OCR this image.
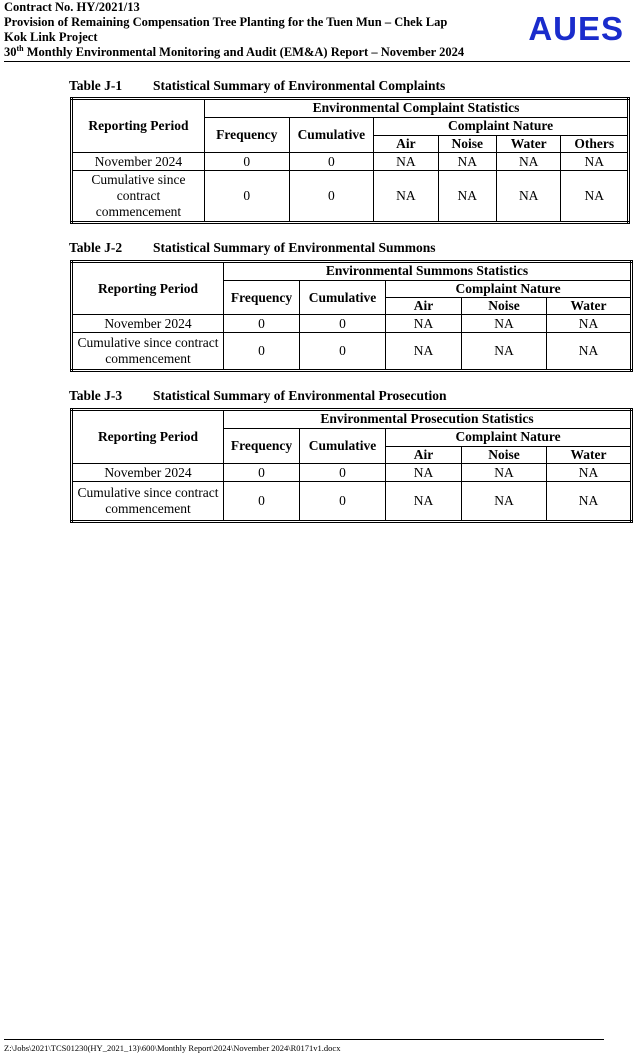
Contract No. HY/2021/13
Provision of Remaining Compensation Tree Planting for the Tuen Mun – Chek Lap
Kok Link Project
30th Monthly Environmental Monitoring and Audit (EM&A) Report – November 2024
AUES
Table J-1 Statistical Summary of Environmental Complaints
Reporting Period	Environmental Complaint Statistics					
	Frequency	Cumulative	Complaint Nature			
			Air	Noise	Water	Others
November 2024	0	0	NA	NA	NA	NA
Cumulative since contract commencement	0	0	NA	NA	NA	NA
Table J-2 Statistical Summary of Environmental Summons
Reporting Period	Environmental Summons Statistics				
	Frequency	Cumulative	Complaint Nature		
			Air	Noise	Water
November 2024	0	0	NA	NA	NA
Cumulative since contract commencement	0	0	NA	NA	NA
Table J-3 Statistical Summary of Environmental Prosecution
Reporting Period	Environmental Prosecution Statistics				
	Frequency	Cumulative	Complaint Nature		
			Air	Noise	Water
November 2024	0	0	NA	NA	NA
Cumulative since contract commencement	0	0	NA	NA	NA
Z:\Jobs\2021\TCS01230(HY_2021_13)\600\Monthly Report\2024\November 2024\R0171v1.docx
